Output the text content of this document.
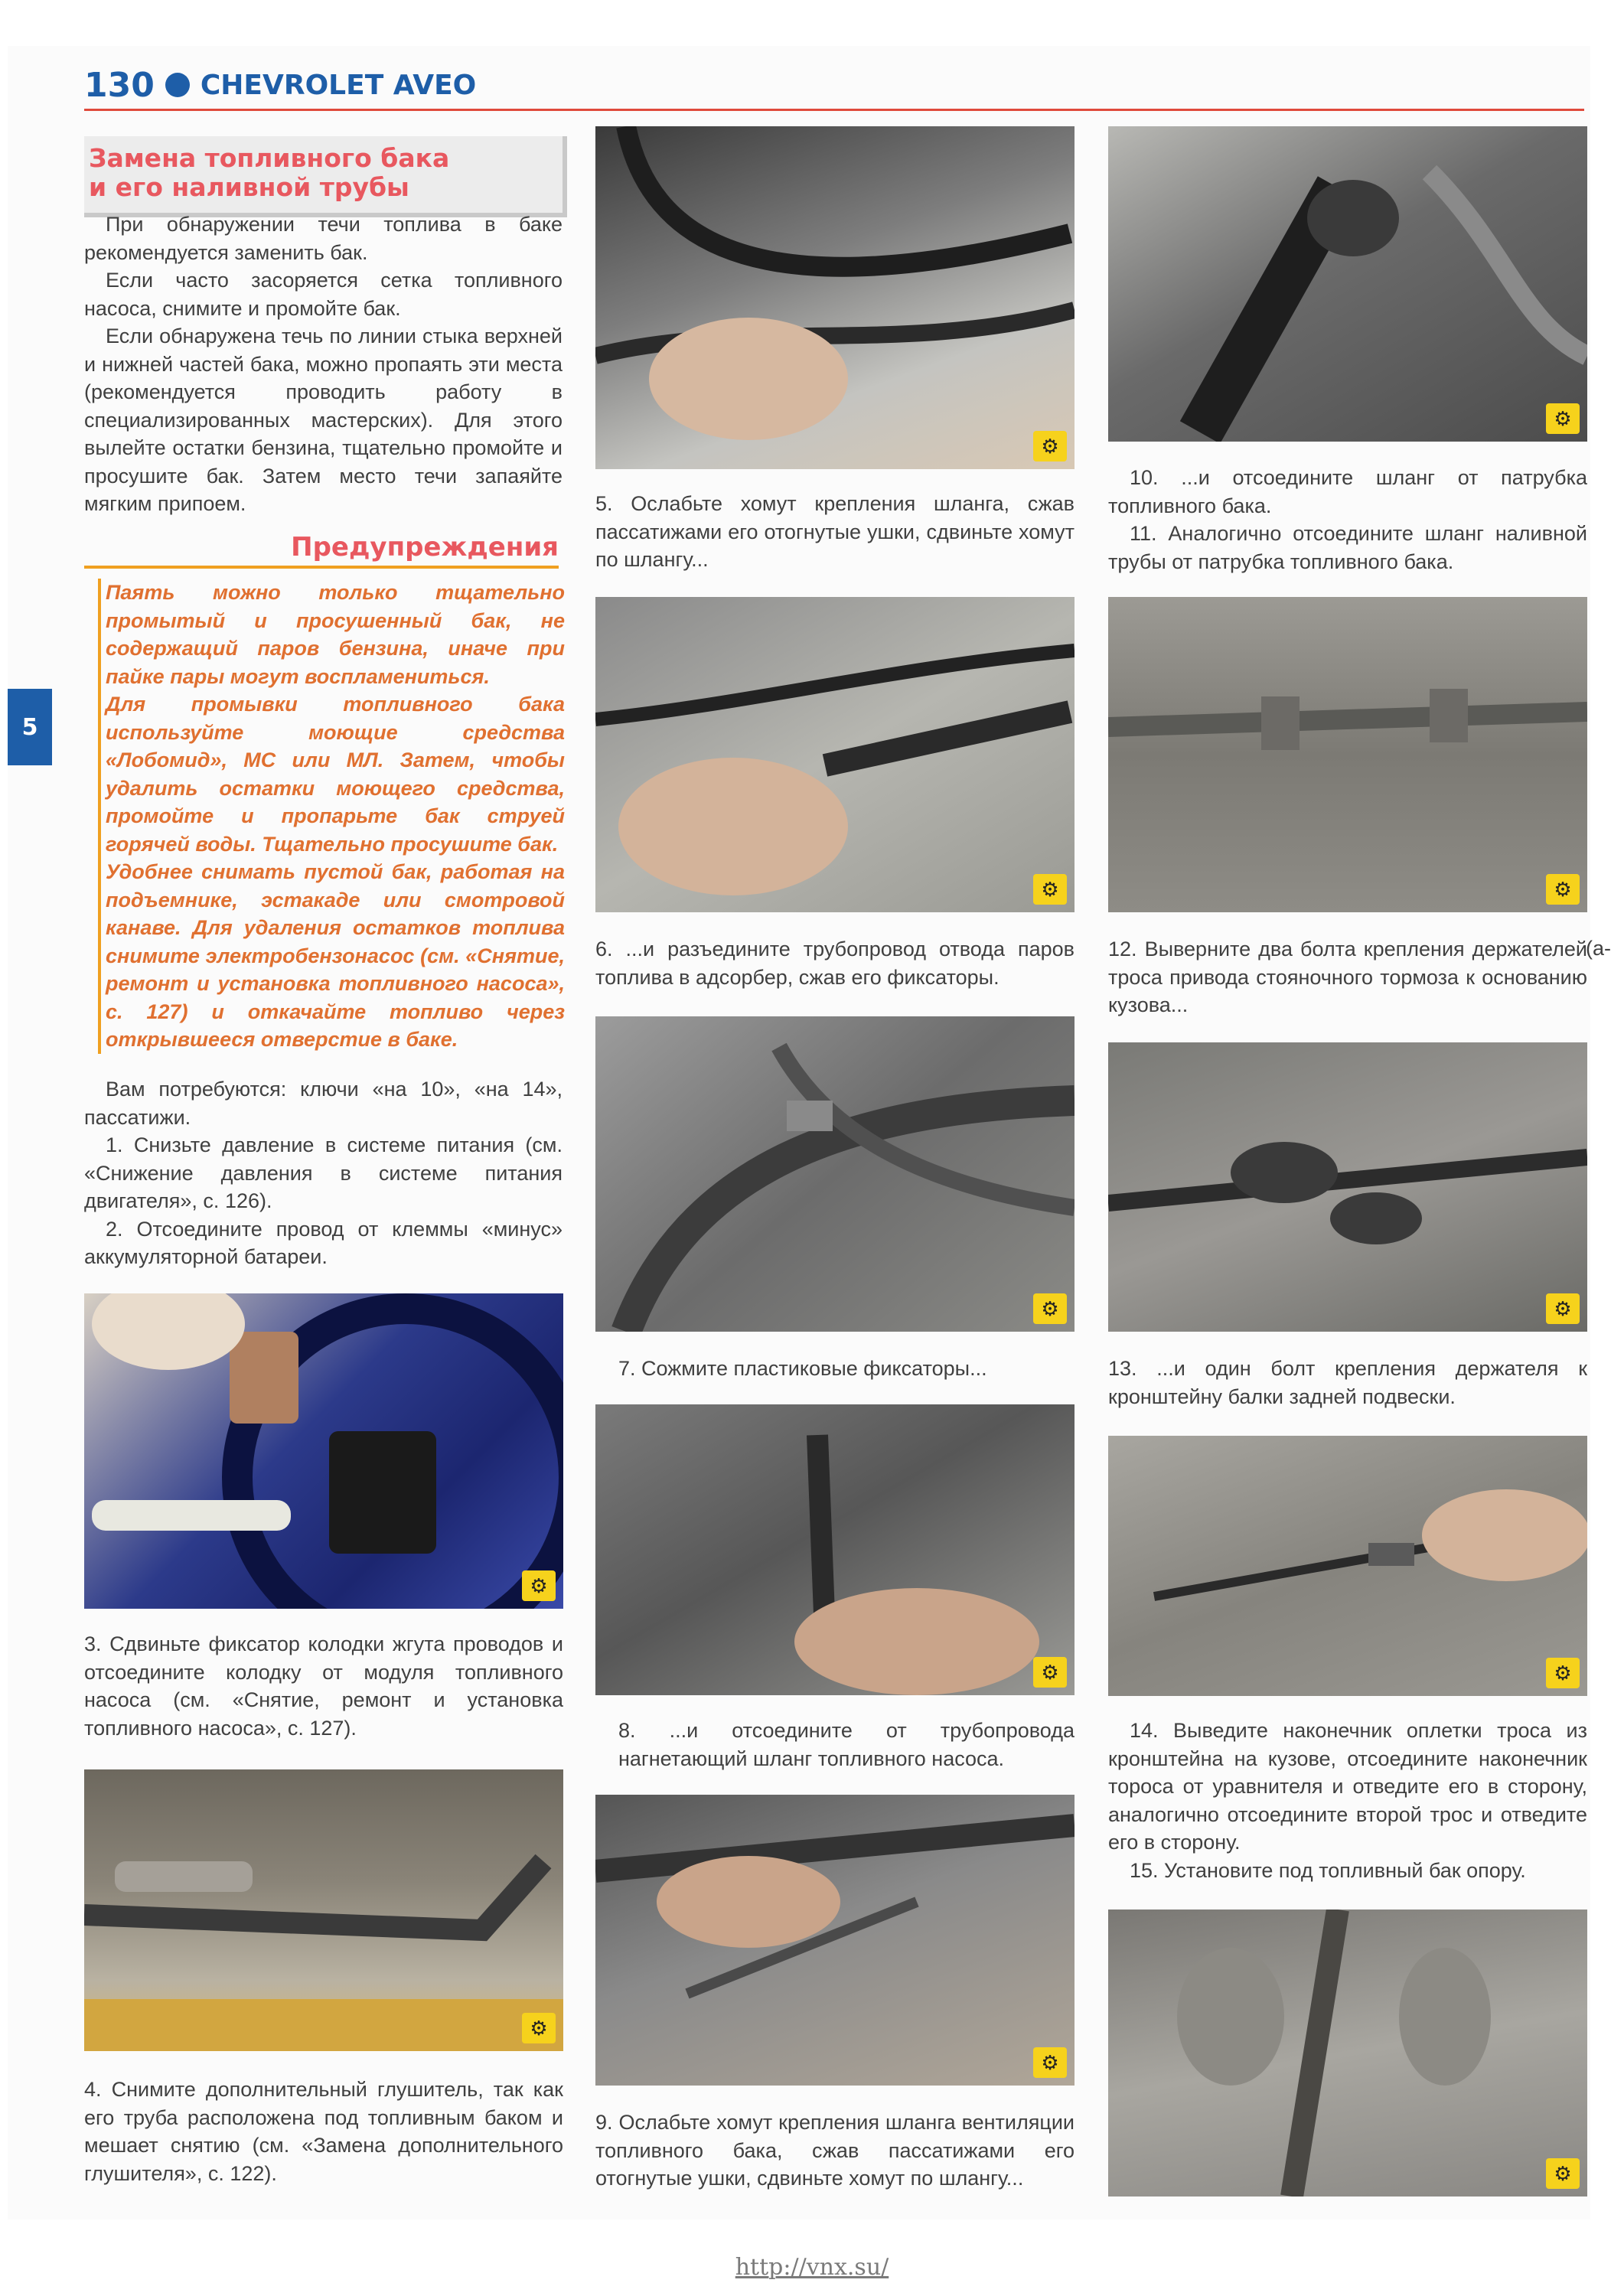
130 CHEVROLET AVEO
5
Замена топливного бака
и его наливной трубы

При обнаружении течи топлива в баке рекомендуется заменить бак.

Если часто засоряется сетка топливного насоса, снимите и промойте бак.

Если обнаружена течь по линии стыка верхней и нижней частей бака, можно пропаять эти места (рекомендуется проводить работу в специализированных мастерских). Для этого вылейте остатки бензина, тщательно промойте и просушите бак. Затем место течи запаяйте мягким припоем.

Предупреждения

Паять можно только тщательно промытый и просушенный бак, не содержащий паров бензина, иначе при пайке пары могут воспламениться.

Для промывки топливного бака используйте моющие средства «Лобомид», МС или МЛ. Затем, чтобы удалить остатки моющего средства, промойте и пропарьте бак струей горячей воды. Тщательно просушите бак.

Удобнее снимать пустой бак, работая на подъемнике, эстакаде или смотровой канаве. Для удаления остатков топлива снимите электробензонасос (см. «Снятие, ремонт и установка топливного насоса», с. 127) и откачайте топливо через открывшееся отверстие в баке.

Вам потребуются: ключи «на 10», «на 14», пассатижи.

1. Снизьте давление в системе питания (см. «Снижение давления в системе питания двигателя», с. 126).

2. Отсоедините провод от клеммы «минус» аккумуляторной батареи.

⚙

3. Сдвиньте фиксатор колодки жгута проводов и отсоедините колодку от модуля топливного насоса (см. «Снятие, ремонт и установка топливного насоса», с. 127).

⚙

4. Снимите дополнительный глушитель, так как его труба расположена под топливным баком и мешает снятию (см. «Замена дополнительного глушителя», с. 122).

⚙

5. Ослабьте хомут крепления шланга, сжав пассатижами его отогнутые ушки, сдвиньте хомут по шлангу...

⚙

6. ...и разъедините трубопровод отвода паров топлива в адсорбер, сжав его фиксаторы.

⚙

7. Сожмите пластиковые фиксаторы...

⚙

8. ...и отсоедините от трубопровода нагнетающий шланг топливного насоса.

⚙

9. Ослабьте хомут крепления шланга вентиляции топливного бака, сжав пассатижами его отогнутые ушки, сдвиньте хомут по шлангу...

⚙

10. ...и отсоедините шланг от патрубка топливного бака.

11. Аналогично отсоедините шланг наливной трубы от патрубка топливного бака.

⚙

12. Выверните два болта крепления держателей троса привода стояночного тормоза к основанию кузова...

(а-
⚙

13. ...и один болт крепления держателя к кронштейну балки задней подвески.

⚙

14. Выведите наконечник оплетки троса из кронштейна на кузове, отсоедините наконечник тороса от уравнителя и отведите его в сторону, аналогично отсоедините второй трос и отведите его в сторону.

15. Установите под топливный бак опору.

⚙
http://vnx.su/
